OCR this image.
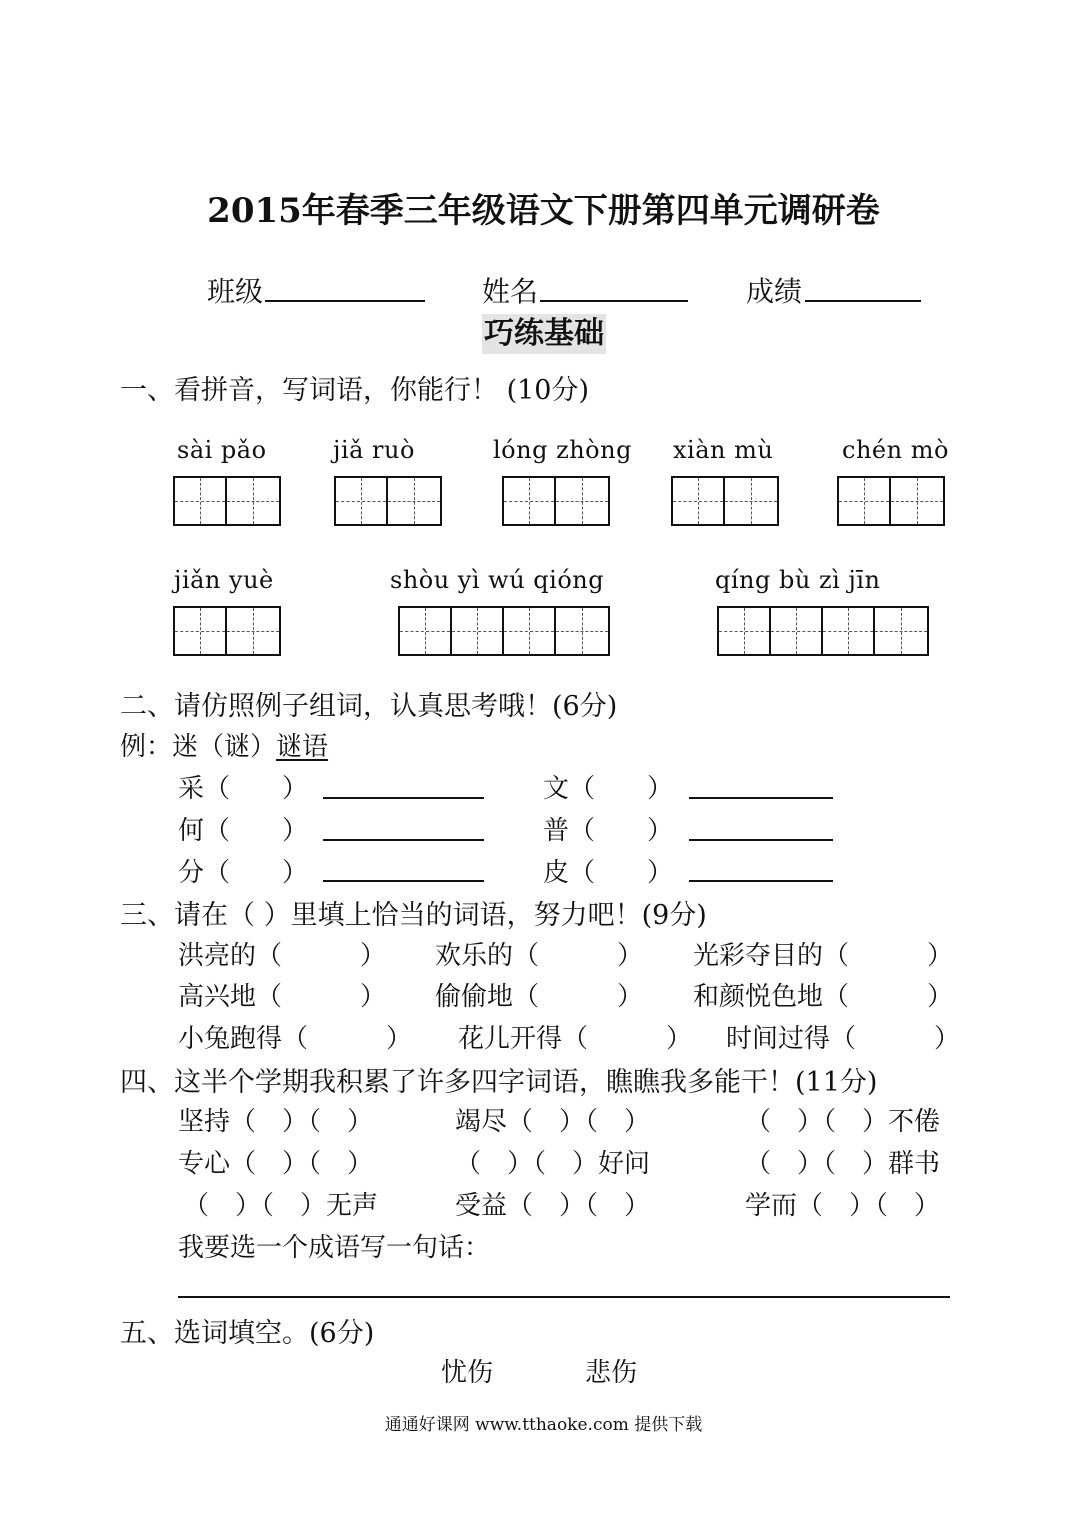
2015年春季三年级语文下册第四单元调研卷
班级	姓名	成绩
巧练基础
一、看拼音，写词语，你能行！ (10分)
sài pǎo	jiǎ ruò	lóng zhòng xiàn mù	chén mò
jiǎn yuè	shòu yì wú qióng	qíng bù zì jīn
二、请仿照例子组词，认真思考哦！(6分)
例：迷（谜）谜语
采（　　）	文（　　）
何（　　）	普（　　）
分（　　）	皮（　　）
三、请在（ ）里填上恰当的词语，努力吧！(9分)
洪亮的（　　　） 欢乐的（　　　） 光彩夺目的（　　　）
高兴地（　　　） 偷偷地（　　　） 和颜悦色地（　　　）
小兔跑得（　　　） 花儿开得（　　　） 时间过得（　　　）
四、这半个学期我积累了许多四字词语，瞧瞧我多能干！(11分)
坚持（　）（　）	竭尽（　）（　）	（　）（　）不倦
专心（　）（　）	（　）（　）好问	（　）（　）群书
（　）（　）无声	受益（　）（　）	学而（　）（　）
我要选一个成语写一句话：
五、选词填空。(6分)
忧伤	悲伤
通通好课网 www.tthaoke.com 提供下载
